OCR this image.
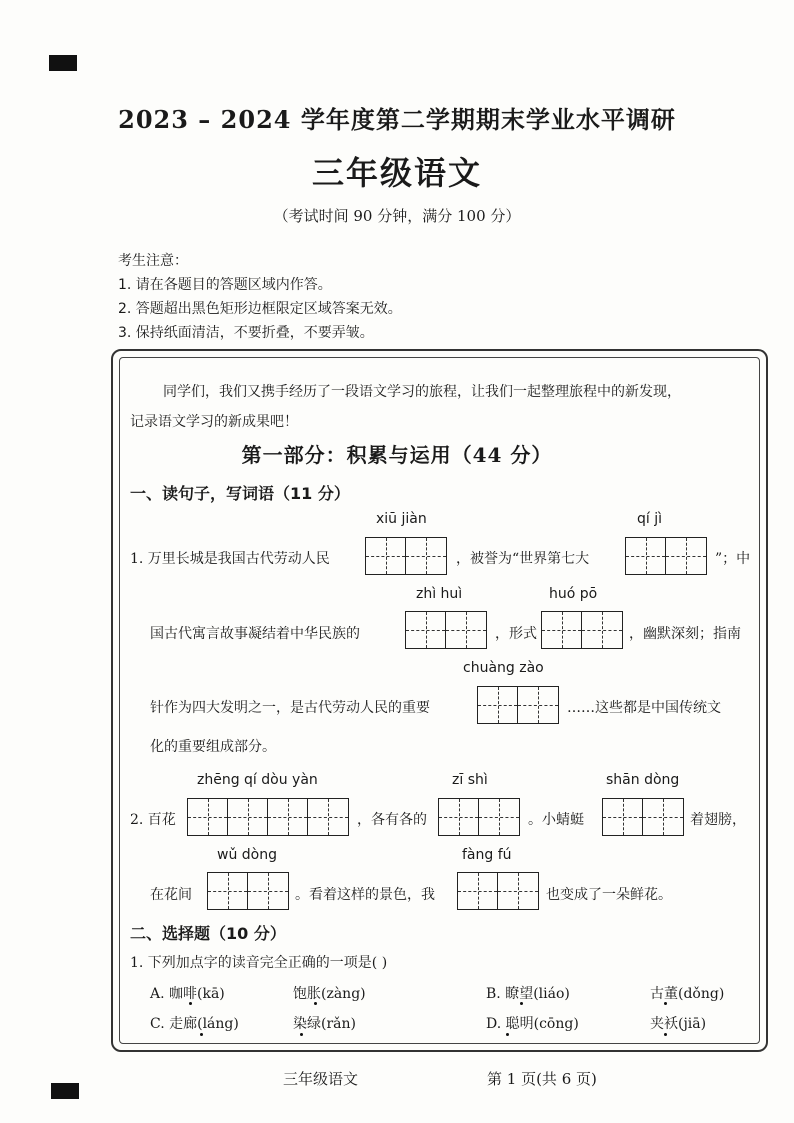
2023 – 2024 学年度第二学期期末学业水平调研
三年级语文
（考试时间 90 分钟，满分 100 分）
考生注意：
1. 请在各题目的答题区域内作答。
2. 答题超出黑色矩形边框限定区域答案无效。
3. 保持纸面清洁，不要折叠，不要弄皱。
同学们，我们又携手经历了一段语文学习的旅程，让我们一起整理旅程中的新发现，
记录语文学习的新成果吧！
第一部分：积累与运用（44 分）
一、读句子，写词语（11 分）
xiū jiàn	qí jì
1. 万里长城是我国古代劳动人民	，被誉为“世界第七大	”；中
zhì huì	huó pō
国古代寓言故事凝结着中华民族的	，形式	，幽默深刻；指南
chuàng zào
针作为四大发明之一，是古代劳动人民的重要	……这些都是中国传统文
化的重要组成部分。
zhēng qí dòu yàn	zī shì	shān dòng
2. 百花	，各有各的	。小蜻蜓	着翅膀，
wǔ dòng	fàng fú
在花间	。看着这样的景色，我	也变成了一朵鲜花。
二、选择题（10 分）
1. 下列加点字的读音完全正确的一项是( )
A. 咖啡(kā)	饱胀(zàng)	B. 瞭望(liáo)	古董(dǒng)
C. 走廊(láng)	染绿(rǎn)	D. 聪明(cōng)	夹袄(jiā)
三年级语文	第 1 页(共 6 页)
